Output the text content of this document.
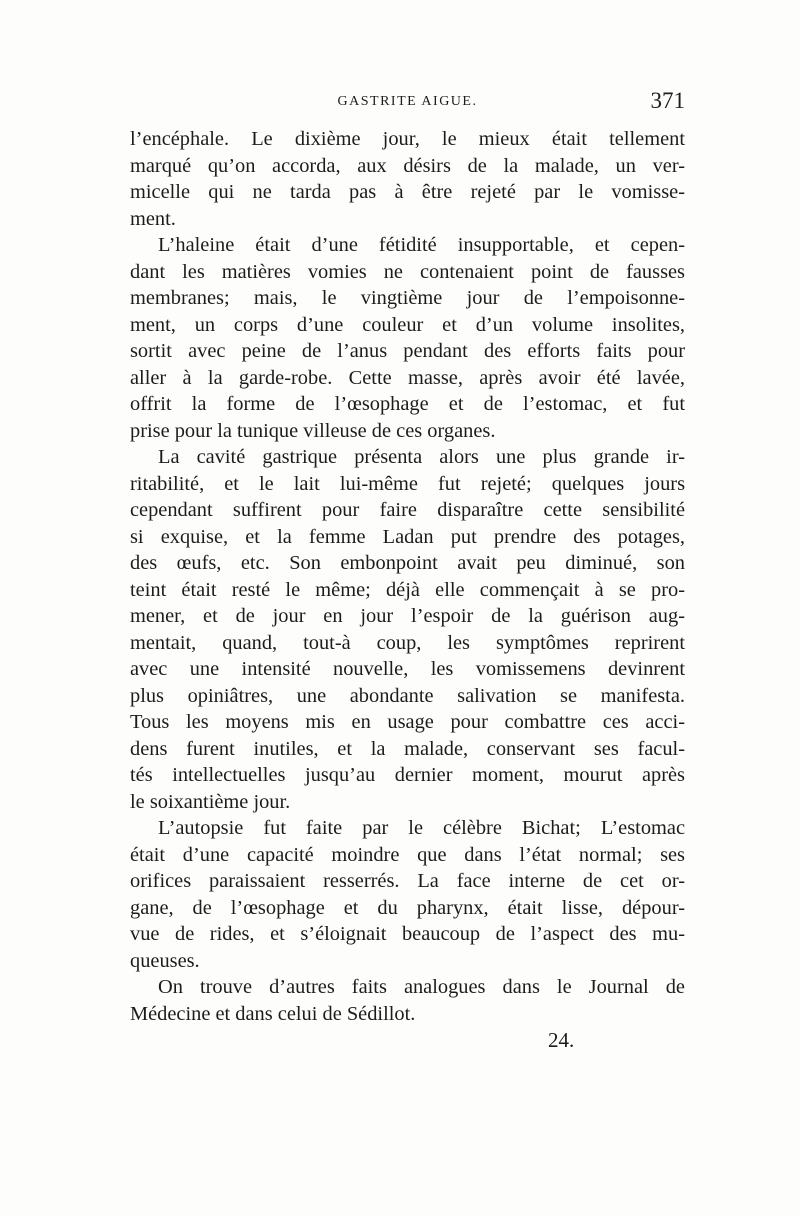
GASTRITE AIGUE.	371
l’encéphale. Le dixième jour, le mieux était tellement
marqué qu’on accorda, aux désirs de la malade, un ver-
micelle qui ne tarda pas à être rejeté par le vomisse-
ment.
L’haleine était d’une fétidité insupportable, et cepen-
dant les matières vomies ne contenaient point de fausses
membranes; mais, le vingtième jour de l’empoisonne-
ment, un corps d’une couleur et d’un volume insolites,
sortit avec peine de l’anus pendant des efforts faits pour
aller à la garde-robe. Cette masse, après avoir été lavée,
offrit la forme de l’œsophage et de l’estomac, et fut
prise pour la tunique villeuse de ces organes.
La cavité gastrique présenta alors une plus grande ir-
ritabilité, et le lait lui-même fut rejeté; quelques jours
cependant suffirent pour faire disparaître cette sensibilité
si exquise, et la femme Ladan put prendre des potages,
des œufs, etc. Son embonpoint avait peu diminué, son
teint était resté le même; déjà elle commençait à se pro-
mener, et de jour en jour l’espoir de la guérison aug-
mentait, quand, tout-à coup, les symptômes reprirent
avec une intensité nouvelle, les vomissemens devinrent
plus opiniâtres, une abondante salivation se manifesta.
Tous les moyens mis en usage pour combattre ces acci-
dens furent inutiles, et la malade, conservant ses facul-
tés intellectuelles jusqu’au dernier moment, mourut après
le soixantième jour.
L’autopsie fut faite par le célèbre Bichat; L’estomac
était d’une capacité moindre que dans l’état normal; ses
orifices paraissaient resserrés. La face interne de cet or-
gane, de l’œsophage et du pharynx, était lisse, dépour-
vue de rides, et s’éloignait beaucoup de l’aspect des mu-
queuses.
On trouve d’autres faits analogues dans le Journal de
Médecine et dans celui de Sédillot.
24.
